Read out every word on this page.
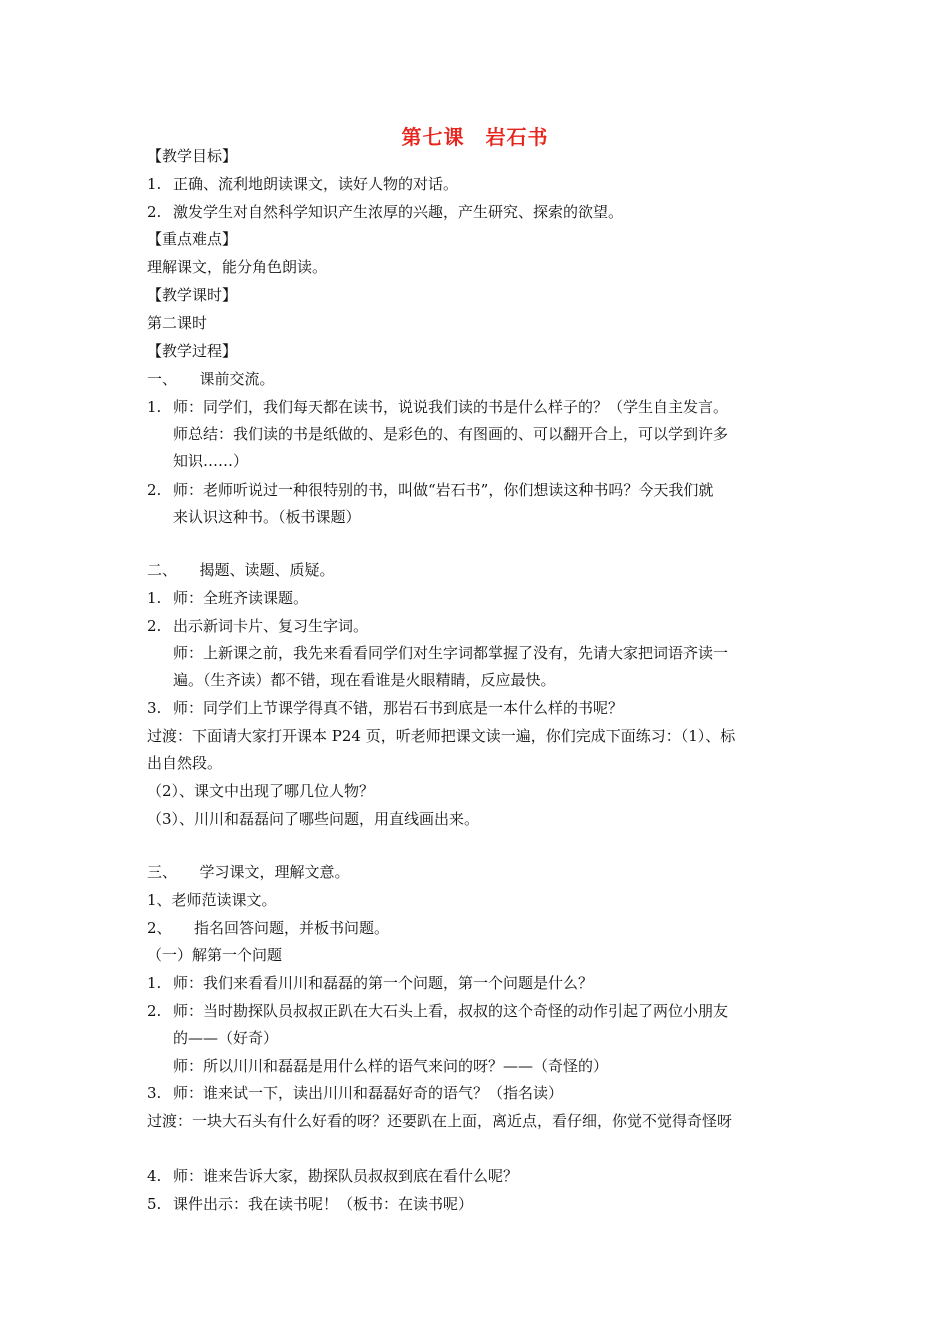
第七课　岩石书
【教学目标】
1. 正确、流利地朗读课文，读好人物的对话。
2. 激发学生对自然科学知识产生浓厚的兴趣，产生研究、探索的欲望。
【重点难点】
理解课文，能分角色朗读。
【教学课时】
第二课时
【教学过程】
一、　　课前交流。
1. 师：同学们，我们每天都在读书，说说我们读的书是什么样子的？（学生自主发言。
师总结：我们读的书是纸做的、是彩色的、有图画的、可以翻开合上，可以学到许多
知识……）
2. 师：老师听说过一种很特别的书，叫做“岩石书”，你们想读这种书吗？今天我们就
来认识这种书。（板书课题）
二、　　揭题、读题、质疑。
1. 师：全班齐读课题。
2. 出示新词卡片、复习生字词。
师：上新课之前，我先来看看同学们对生字词都掌握了没有，先请大家把词语齐读一
遍。（生齐读）都不错，现在看谁是火眼精睛，反应最快。
3. 师：同学们上节课学得真不错，那岩石书到底是一本什么样的书呢？
过渡：下面请大家打开课本 P24 页，听老师把课文读一遍，你们完成下面练习：（1）、标
出自然段。
（2）、课文中出现了哪几位人物？
（3）、川川和磊磊问了哪些问题，用直线画出来。
三、　　学习课文，理解文意。
1、老师范读课文。
2、　　指名回答问题，并板书问题。
（一）解第一个问题
1. 师：我们来看看川川和磊磊的第一个问题，第一个问题是什么？
2. 师：当时勘探队员叔叔正趴在大石头上看，叔叔的这个奇怪的动作引起了两位小朋友
的——（好奇）
师：所以川川和磊磊是用什么样的语气来问的呀？——（奇怪的）
3. 师：谁来试一下，读出川川和磊磊好奇的语气？（指名读）
过渡：一块大石头有什么好看的呀？还要趴在上面，离近点，看仔细，你觉不觉得奇怪呀
4. 师：谁来告诉大家，勘探队员叔叔到底在看什么呢？
5. 课件出示：我在读书呢！（板书：在读书呢）
